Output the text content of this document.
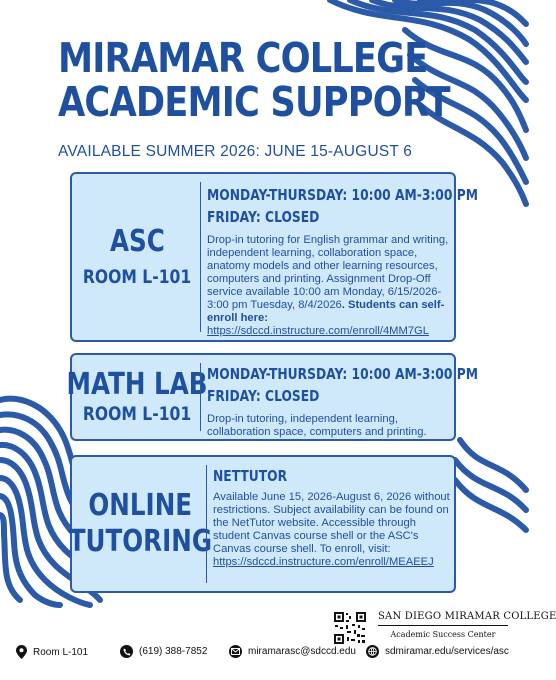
MIRAMAR COLLEGE
ACADEMIC SUPPORT
AVAILABLE SUMMER 2026: JUNE 15-AUGUST 6
ASC
ROOM L-101
MONDAY-THURSDAY: 10:00 AM-3:00 PM
FRIDAY: CLOSED
Drop-in tutoring for English grammar and writing, independent learning, collaboration space, anatomy models and other learning resources, computers and printing. Assignment Drop-Off service available 10:00 am Monday, 6/15/2026- 3:00 pm Tuesday, 8/4/2026. Students can self-enroll here:
https://sdccd.instructure.com/enroll/4MM7GL
MATH LAB
ROOM L-101
MONDAY-THURSDAY: 10:00 AM-3:00 PM
FRIDAY: CLOSED
Drop-in tutoring, independent learning, collaboration space, computers and printing.
ONLINE
TUTORING
NETTUTOR
Available June 15, 2026-August 6, 2026 without restrictions. Subject availability can be found on the NetTutor website. Accessible through student Canvas course shell or the ASC's Canvas course shell. To enroll, visit:
https://sdccd.instructure.com/enroll/MEAEEJ
SAN DIEGO MIRAMAR COLLEGE
Academic Success Center
Room L-101	(619) 388-7852	miramarasc@sdccd.edu	sdmiramar.edu/services/asc
